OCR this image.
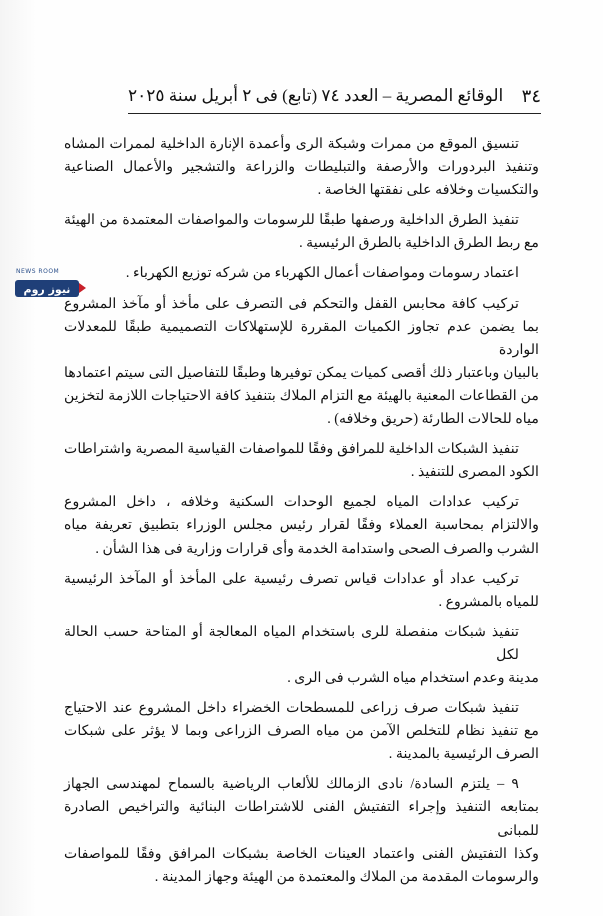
٣٤
الوقائع المصرية – العدد ٧٤ (تابع) فى ٢ أبريل سنة ٢٠٢٥
NEWS ROOM
نيوز روم
تنسيق الموقع من ممرات وشبكة الرى وأعمدة الإنارة الداخلية لممرات المشاه
وتنفيذ البردورات والأرصفة والتبليطات والزراعة والتشجير والأعمال الصناعية
والتكسيات وخلافه على نفقتها الخاصة .
تنفيذ الطرق الداخلية ورصفها طبقًا للرسومات والمواصفات المعتمدة من الهيئة
مع ربط الطرق الداخلية بالطرق الرئيسية .
اعتماد رسومات ومواصفات أعمال الكهرباء من شركه توزيع الكهرباء .
تركيب كافة محابس القفل والتحكم فى التصرف على مأخذ أو مآخذ المشروع
بما يضمن عدم تجاوز الكميات المقررة للإستهلاكات التصميمية طبقًا للمعدلات الواردة
بالبيان وباعتبار ذلك أقصى كميات يمكن توفيرها وطبقًا للتفاصيل التى سيتم اعتمادها
من القطاعات المعنية بالهيئة مع التزام الملاك بتنفيذ كافة الاحتياجات اللازمة لتخزين
مياه للحالات الطارئة (حريق وخلافه) .
تنفيذ الشبكات الداخلية للمرافق وفقًا للمواصفات القياسية المصرية واشتراطات
الكود المصرى للتنفيذ .
تركيب عدادات المياه لجميع الوحدات السكنية وخلافه ، داخل المشروع
والالتزام بمحاسبة العملاء وفقًا لقرار رئيس مجلس الوزراء بتطبيق تعريفة مياه
الشرب والصرف الصحى واستدامة الخدمة وأى قرارات وزارية فى هذا الشأن .
تركيب عداد أو عدادات قياس تصرف رئيسية على المأخذ أو المآخذ الرئيسية
للمياه بالمشروع .
تنفيذ شبكات منفصلة للرى باستخدام المياه المعالجة أو المتاحة حسب الحالة لكل
مدينة وعدم استخدام مياه الشرب فى الرى .
تنفيذ شبكات صرف زراعى للمسطحات الخضراء داخل المشروع عند الاحتياج
مع تنفيذ نظام للتخلص الآمن من مياه الصرف الزراعى وبما لا يؤثر على شبكات
الصرف الرئيسية بالمدينة .
٩ – يلتزم السادة/ نادى الزمالك للألعاب الرياضية بالسماح لمهندسى الجهاز
بمتابعه التنفيذ وإجراء التفتيش الفنى للاشتراطات البنائية والتراخيص الصادرة للمبانى
وكذا التفتيش الفنى واعتماد العينات الخاصة بشبكات المرافق وفقًا للمواصفات
والرسومات المقدمة من الملاك والمعتمدة من الهيئة وجهاز المدينة .
